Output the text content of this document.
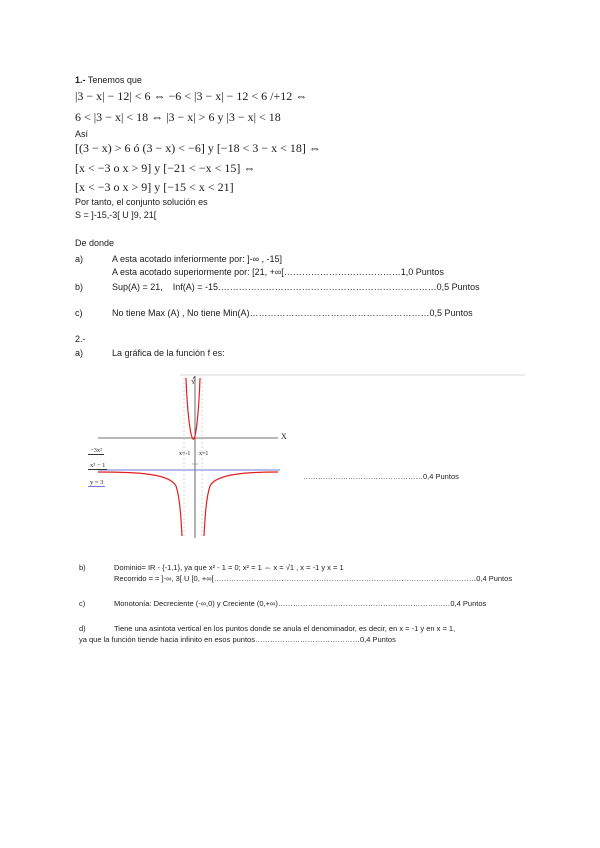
1.- Tenemos que
|3 − x| − 12| < 6 ⇔ −6 < |3 − x| − 12 < 6 /+12 ⇔
6 < |3 − x| < 18 ⇔ |3 − x| > 6 y |3 − x| < 18
Así
[(3 − x) > 6 ó (3 − x) < −6] y [−18 < 3 − x < 18] ⇔
[x < −3 o x > 9] y [−21 < −x < 15] ⇔
[x < −3 o x > 9] y [−15 < x < 21]
Por tanto, el conjunto solución es
S = ]-15,-3[ U ]9, 21[
De donde
a)	A esta acotado inferiormente por: ]-∞ , -15]
A esta acotado superiormente por: [21, +∞[…………………………………1,0 Puntos
b)	Sup(A) = 21, Inf(A) = -15.………………………………………………………………0,5 Puntos
c)	No tiene Max (A) , No tiene Min(A)……………………………………………………0,5 Puntos
2.-
a)	La gráfica de la función f es:
Y
X
x=-1 x=1
−3x²
x² − 1
y = 3
…………………………………………0,4 Puntos
b)	Dominio= IR - {-1,1}, ya que x² - 1 = 0; x² = 1 ⇔ x = √1 , x = -1 y x = 1
Recorrido = = ]-∞, 3[ U [0, +∞[……………………………………………………………………………………………0,4 Puntos
c)	Monotonía: Decreciente (-∞,0) y Creciente (0,+∞)……………………………………………………………0,4 Puntos
d)	Tiene una asintota vertical en los puntos donde se anula el denominador, es decir, en x = -1 y en x = 1,
ya que la función tiende hacia infinito en esos puntos……………………………………0,4 Puntos
